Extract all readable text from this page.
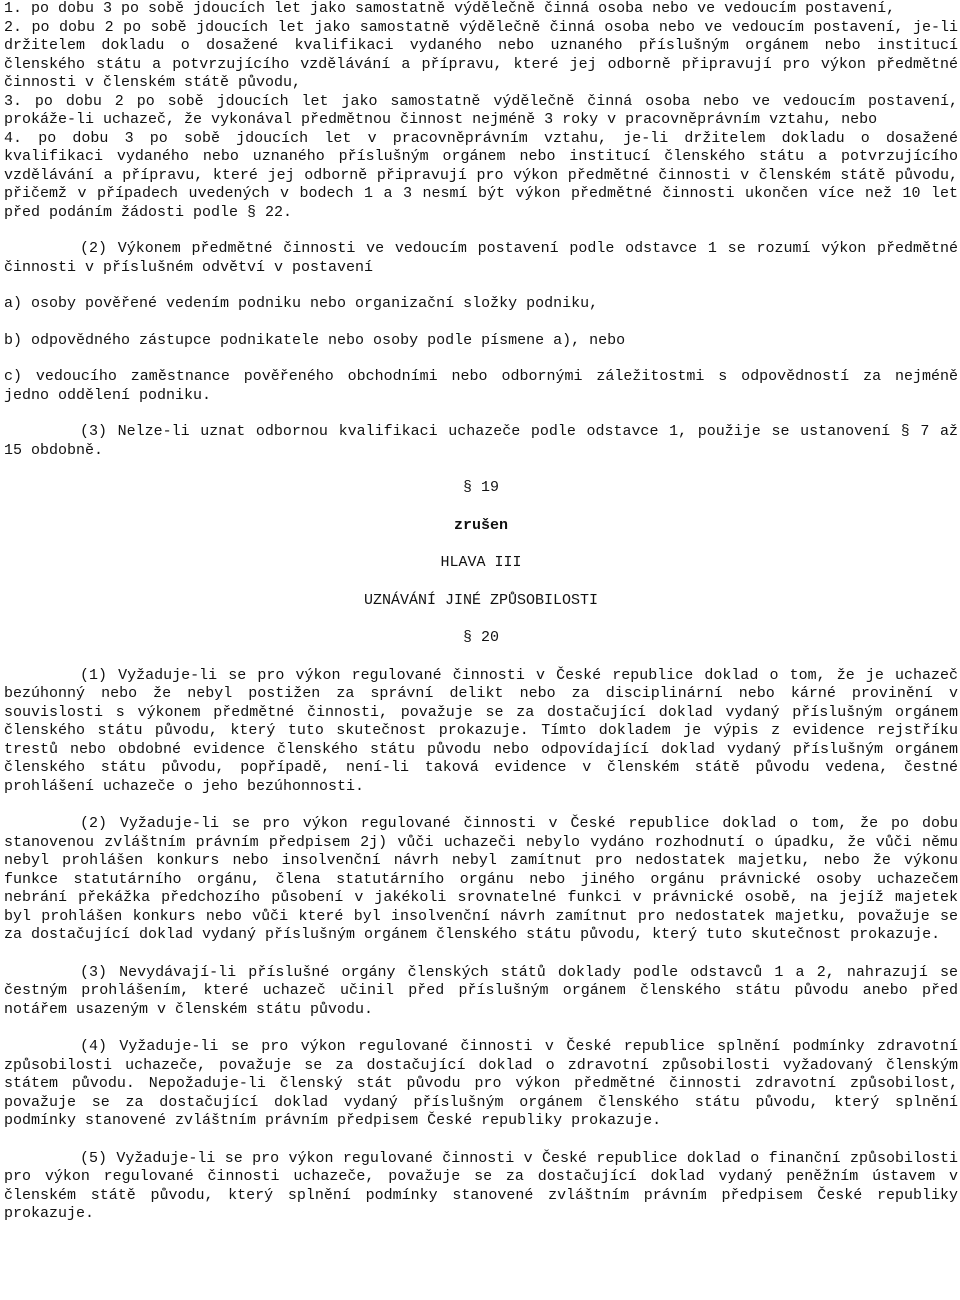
1. po dobu 3 po sobě jdoucích let jako samostatně výdělečně činná osoba nebo ve vedoucím postavení,

2. po dobu 2 po sobě jdoucích let jako samostatně výdělečně činná osoba nebo ve vedoucím postavení, je-li držitelem dokladu o dosažené kvalifikaci vydaného nebo uznaného příslušným orgánem nebo institucí členského státu a potvrzujícího vzdělávání a přípravu, které jej odborně připravují pro výkon předmětné činnosti v členském státě původu,

3. po dobu 2 po sobě jdoucích let jako samostatně výdělečně činná osoba nebo ve vedoucím postavení, prokáže-li uchazeč, že vykonával předmětnou činnost nejméně 3 roky v pracovněprávním vztahu, nebo

4. po dobu 3 po sobě jdoucích let v pracovněprávním vztahu, je-li držitelem dokladu o dosažené kvalifikaci vydaného nebo uznaného příslušným orgánem nebo institucí členského státu a potvrzujícího vzdělávání a přípravu, které jej odborně připravují pro výkon předmětné činnosti v členském státě původu, přičemž v případech uvedených v bodech 1 a 3 nesmí být výkon předmětné činnosti ukončen více než 10 let před podáním žádosti podle § 22.

(2) Výkonem předmětné činnosti ve vedoucím postavení podle odstavce 1 se rozumí výkon předmětné činnosti v příslušném odvětví v postavení

a) osoby pověřené vedením podniku nebo organizační složky podniku,

b) odpovědného zástupce podnikatele nebo osoby podle písmene a), nebo

c) vedoucího zaměstnance pověřeného obchodními nebo odbornými záležitostmi s odpovědností za nejméně jedno oddělení podniku.

(3) Nelze-li uznat odbornou kvalifikaci uchazeče podle odstavce 1, použije se ustanovení § 7 až 15 obdobně.

§ 19

zrušen

HLAVA III

UZNÁVÁNÍ JINÉ ZPŮSOBILOSTI

§ 20

(1) Vyžaduje-li se pro výkon regulované činnosti v České republice doklad o tom, že je uchazeč bezúhonný nebo že nebyl postižen za správní delikt nebo za disciplinární nebo kárné provinění v souvislosti s výkonem předmětné činnosti, považuje se za dostačující doklad vydaný příslušným orgánem členského státu původu, který tuto skutečnost prokazuje. Tímto dokladem je výpis z evidence rejstříku trestů nebo obdobné evidence členského státu původu nebo odpovídající doklad vydaný příslušným orgánem členského státu původu, popřípadě, není-li taková evidence v členském státě původu vedena, čestné prohlášení uchazeče o jeho bezúhonnosti.

(2) Vyžaduje-li se pro výkon regulované činnosti v České republice doklad o tom, že po dobu stanovenou zvláštním právním předpisem 2j) vůči uchazeči nebylo vydáno rozhodnutí o úpadku, že vůči němu nebyl prohlášen konkurs nebo insolvenční návrh nebyl zamítnut pro nedostatek majetku, nebo že výkonu funkce statutárního orgánu, člena statutárního orgánu nebo jiného orgánu právnické osoby uchazečem nebrání překážka předchozího působení v jakékoli srovnatelné funkci v právnické osobě, na jejíž majetek byl prohlášen konkurs nebo vůči které byl insolvenční návrh zamítnut pro nedostatek majetku, považuje se za dostačující doklad vydaný příslušným orgánem členského státu původu, který tuto skutečnost prokazuje.

(3) Nevydávají-li příslušné orgány členských států doklady podle odstavců 1 a 2, nahrazují se čestným prohlášením, které uchazeč učinil před příslušným orgánem členského státu původu anebo před notářem usazeným v členském státu původu.

(4) Vyžaduje-li se pro výkon regulované činnosti v České republice splnění podmínky zdravotní způsobilosti uchazeče, považuje se za dostačující doklad o zdravotní způsobilosti vyžadovaný členským státem původu. Nepožaduje-li členský stát původu pro výkon předmětné činnosti zdravotní způsobilost, považuje se za dostačující doklad vydaný příslušným orgánem členského státu původu, který splnění podmínky stanovené zvláštním právním předpisem České republiky prokazuje.

(5) Vyžaduje-li se pro výkon regulované činnosti v České republice doklad o finanční způsobilosti pro výkon regulované činnosti uchazeče, považuje se za dostačující doklad vydaný peněžním ústavem v členském státě původu, který splnění podmínky stanovené zvláštním právním předpisem České republiky prokazuje.
